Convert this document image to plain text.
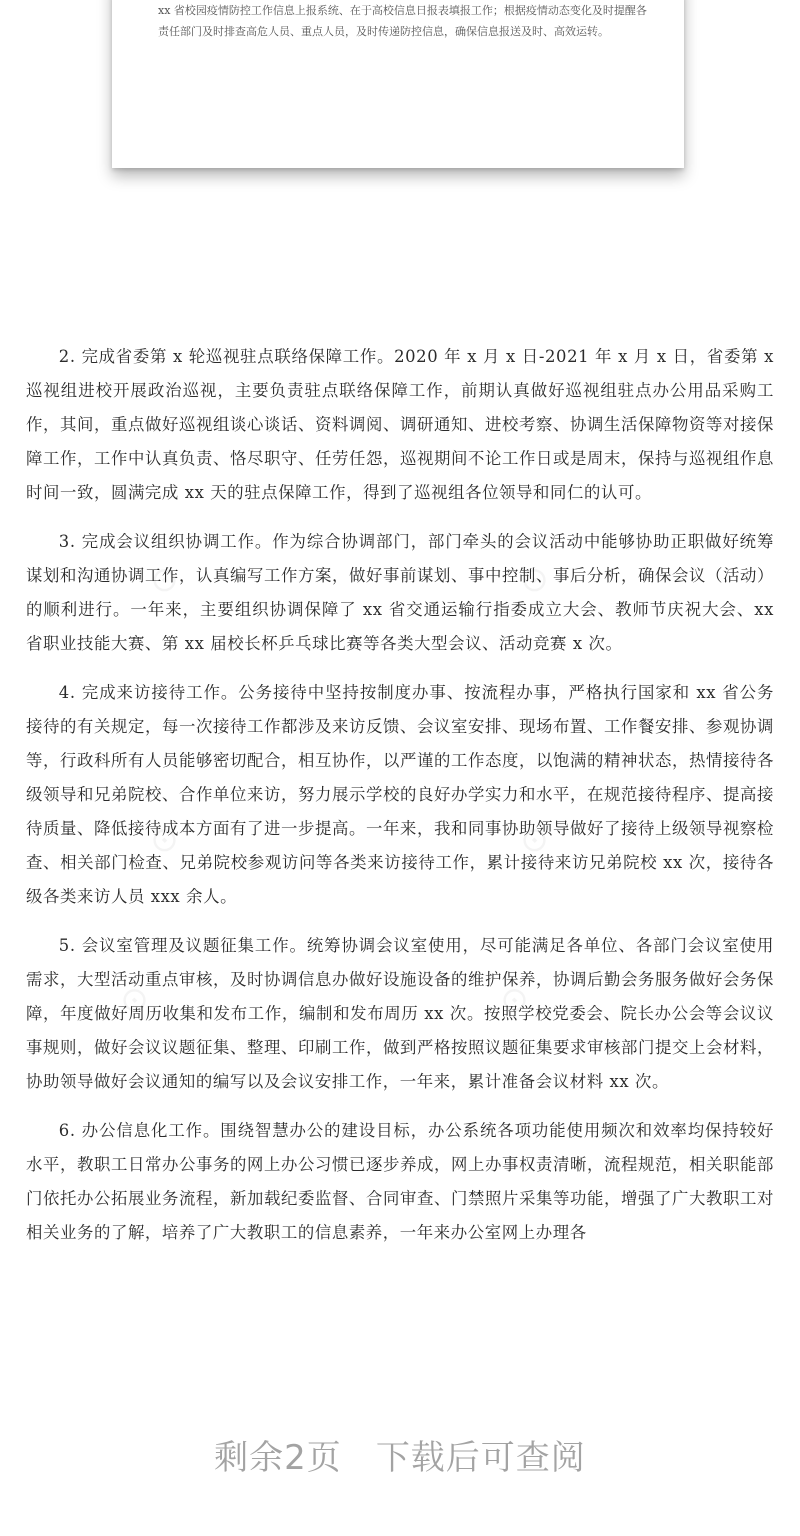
xx 省校园疫情防控工作信息上报系统、在于高校信息日报表填报工作；根据疫情动态变化及时提醒各责任部门及时排查高危人员、重点人员，及时传递防控信息，确保信息报送及时、高效运转。

2. 完成省委第 x 轮巡视驻点联络保障工作。2020 年 x 月 x 日-2021 年 x 月 x 日，省委第 x 巡视组进校开展政治巡视，主要负责驻点联络保障工作，前期认真做好巡视组驻点办公用品采购工作，其间，重点做好巡视组谈心谈话、资料调阅、调研通知、进校考察、协调生活保障物资等对接保障工作，工作中认真负责、恪尽职守、任劳任怨，巡视期间不论工作日或是周末，保持与巡视组作息时间一致，圆满完成 xx 天的驻点保障工作，得到了巡视组各位领导和同仁的认可。

3. 完成会议组织协调工作。作为综合协调部门，部门牵头的会议活动中能够协助正职做好统筹谋划和沟通协调工作，认真编写工作方案，做好事前谋划、事中控制、事后分析，确保会议（活动）的顺利进行。一年来，主要组织协调保障了 xx 省交通运输行指委成立大会、教师节庆祝大会、xx 省职业技能大赛、第 xx 届校长杯乒乓球比赛等各类大型会议、活动竞赛 x 次。

4. 完成来访接待工作。公务接待中坚持按制度办事、按流程办事，严格执行国家和 xx 省公务接待的有关规定，每一次接待工作都涉及来访反馈、会议室安排、现场布置、工作餐安排、参观协调等，行政科所有人员能够密切配合，相互协作，以严谨的工作态度，以饱满的精神状态，热情接待各级领导和兄弟院校、合作单位来访，努力展示学校的良好办学实力和水平，在规范接待程序、提高接待质量、降低接待成本方面有了进一步提高。一年来，我和同事协助领导做好了接待上级领导视察检查、相关部门检查、兄弟院校参观访问等各类来访接待工作，累计接待来访兄弟院校 xx 次，接待各级各类来访人员 xxx 余人。

5. 会议室管理及议题征集工作。统筹协调会议室使用，尽可能满足各单位、各部门会议室使用需求，大型活动重点审核，及时协调信息办做好设施设备的维护保养，协调后勤会务服务做好会务保障，年度做好周历收集和发布工作，编制和发布周历 xx 次。按照学校党委会、院长办公会等会议议事规则，做好会议议题征集、整理、印刷工作，做到严格按照议题征集要求审核部门提交上会材料，协助领导做好会议通知的编写以及会议安排工作，一年来，累计准备会议材料 xx 次。

6. 办公信息化工作。围绕智慧办公的建设目标，办公系统各项功能使用频次和效率均保持较好水平，教职工日常办公事务的网上办公习惯已逐步养成，网上办事权责清晰，流程规范，相关职能部门依托办公拓展业务流程，新加载纪委监督、合同审查、门禁照片采集等功能，增强了广大教职工对相关业务的了解，培养了广大教职工的信息素养，一年来办公室网上办理各

剩余2页 下载后可查阅
